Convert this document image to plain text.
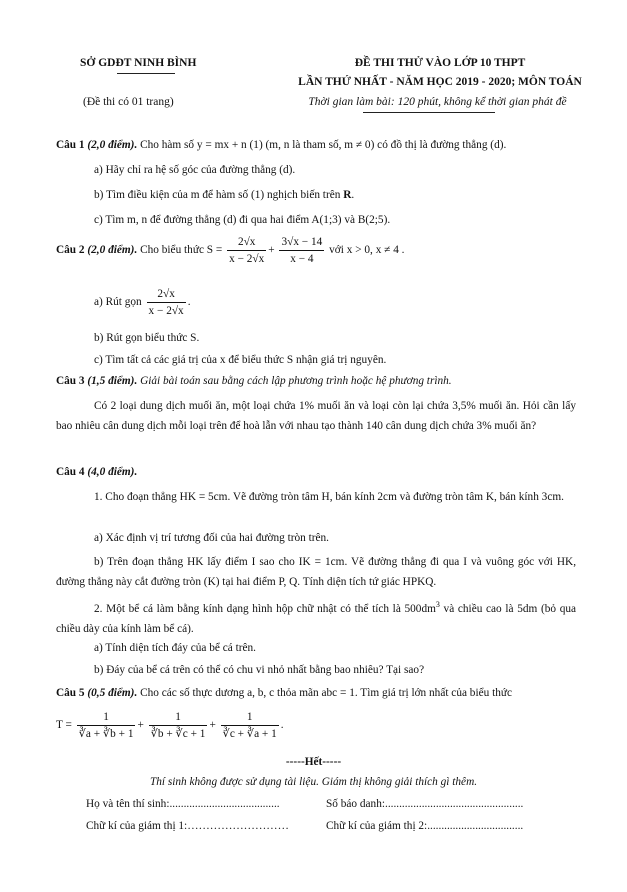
SỞ GDĐT NINH BÌNH
(Đề thi có 01 trang)
ĐỀ THI THỬ VÀO LỚP 10 THPT
LẦN THỨ NHẤT - NĂM HỌC 2019 - 2020; MÔN TOÁN
Thời gian làm bài: 120 phút, không kể thời gian phát đề
Câu 1 (2,0 điểm). Cho hàm số y = mx + n (1) (m, n là tham số, m ≠ 0) có đồ thị là đường thẳng (d).
a) Hãy chỉ ra hệ số góc của đường thẳng (d).
b) Tìm điều kiện của m để hàm số (1) nghịch biến trên R.
c) Tìm m, n để đường thẳng (d) đi qua hai điểm A(1;3) và B(2;5).
Câu 2 (2,0 điểm). Cho biểu thức $S = \frac{2√x}{x - 2√x} + \frac{3√x - 14}{x - 4}$ với x > 0, x ≠ 4 .
a) Rút gọn $\frac{2√x}{x - 2√x}$ .
b) Rút gọn biểu thức S.
c) Tìm tất cả các giá trị của x để biểu thức S nhận giá trị nguyên.
Câu 3 (1,5 điểm). Giải bài toán sau bằng cách lập phương trình hoặc hệ phương trình.
Có 2 loại dung dịch muối ăn, một loại chứa 1% muối ăn và loại còn lại chứa 3,5% muối ăn. Hỏi cần lấy bao nhiêu cân dung dịch mỗi loại trên để hoà lẫn với nhau tạo thành 140 cân dung dịch chứa 3% muối ăn?
Câu 4 (4,0 điểm).
1. Cho đoạn thẳng HK = 5cm. Vẽ đường tròn tâm H, bán kính 2cm và đường tròn tâm K, bán kính 3cm.
a) Xác định vị trí tương đối của hai đường tròn trên.
b) Trên đoạn thẳng HK lấy điểm I sao cho IK = 1cm. Vẽ đường thẳng đi qua I và vuông góc với HK, đường thẳng này cắt đường tròn (K) tại hai điểm P, Q. Tính diện tích tứ giác HPKQ.
2. Một bể cá làm bằng kính dạng hình hộp chữ nhật có thể tích là $500dm^3$ và chiều cao là 5dm (bỏ qua chiều dày của kính làm bể cá).
a) Tính diện tích đáy của bể cá trên.
b) Đáy của bể cá trên có thể có chu vi nhỏ nhất bằng bao nhiêu? Tại sao?
Câu 5 (0,5 điểm). Cho các số thực dương a, b, c thỏa mãn abc = 1. Tìm giá trị lớn nhất của biểu thức
$T = \frac{1}{∛a + ∛b + 1} + \frac{1}{∛b + ∛c + 1} + \frac{1}{∛c + ∛a + 1}$ .
-----Hết-----
Thí sinh không được sử dụng tài liệu. Giám thị không giải thích gì thêm.
Họ và tên thí sinh:.......................................	Số báo danh:.................................................
Chữ kí của giám thị 1:………………………	Chữ kí của giám thị 2:..................................
